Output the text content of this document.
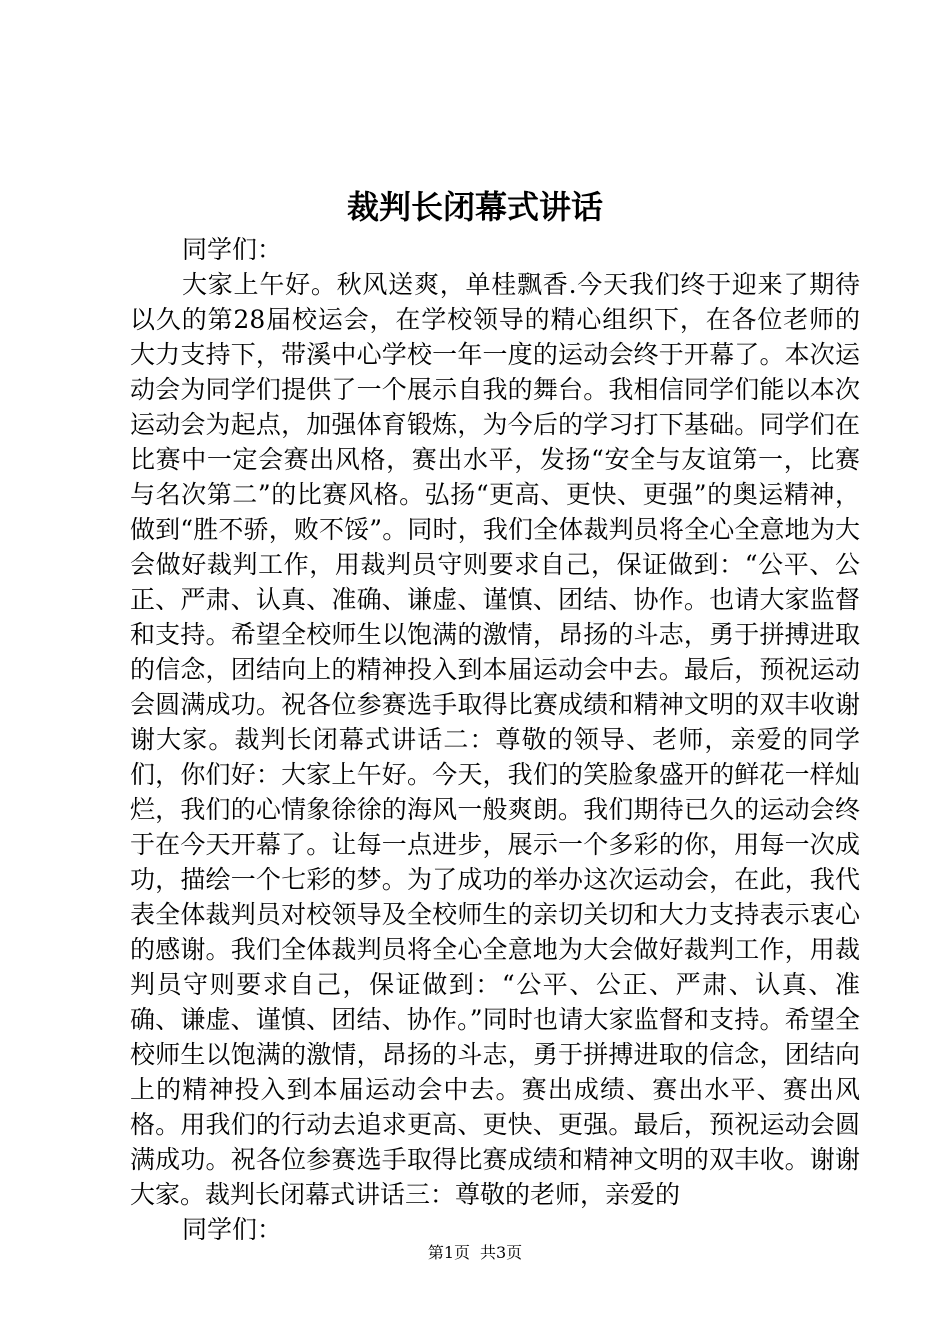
裁判长闭幕式讲话

同学们：

大家上午好。秋风送爽，单桂飘香.今天我们终于迎来了期待以久的第28届校运会，在学校领导的精心组织下，在各位老师的大力支持下，带溪中心学校一年一度的运动会终于开幕了。本次运动会为同学们提供了一个展示自我的舞台。我相信同学们能以本次运动会为起点，加强体育锻炼，为今后的学习打下基础。同学们在比赛中一定会赛出风格，赛出水平，发扬“安全与友谊第一，比赛与名次第二”的比赛风格。弘扬“更高、更快、更强”的奥运精神，做到“胜不骄，败不馁”。同时，我们全体裁判员将全心全意地为大会做好裁判工作，用裁判员守则要求自己，保证做到：“公平、公正、严肃、认真、准确、谦虚、谨慎、团结、协作。也请大家监督和支持。希望全校师生以饱满的激情，昂扬的斗志，勇于拼搏进取的信念，团结向上的精神投入到本届运动会中去。最后，预祝运动会圆满成功。祝各位参赛选手取得比赛成绩和精神文明的双丰收谢谢大家。裁判长闭幕式讲话二：尊敬的领导、老师，亲爱的同学们，你们好：大家上午好。今天，我们的笑脸象盛开的鲜花一样灿烂，我们的心情象徐徐的海风一般爽朗。我们期待已久的运动会终于在今天开幕了。让每一点进步，展示一个多彩的你，用每一次成功，描绘一个七彩的梦。为了成功的举办这次运动会，在此，我代表全体裁判员对校领导及全校师生的亲切关切和大力支持表示衷心的感谢。我们全体裁判员将全心全意地为大会做好裁判工作，用裁判员守则要求自己，保证做到：“公平、公正、严肃、认真、准确、谦虚、谨慎、团结、协作。”同时也请大家监督和支持。希望全校师生以饱满的激情，昂扬的斗志，勇于拼搏进取的信念，团结向上的精神投入到本届运动会中去。赛出成绩、赛出水平、赛出风格。用我们的行动去追求更高、更快、更强。最后，预祝运动会圆满成功。祝各位参赛选手取得比赛成绩和精神文明的双丰收。谢谢大家。裁判长闭幕式讲话三：尊敬的老师，亲爱的

同学们：

第1页 共3页
